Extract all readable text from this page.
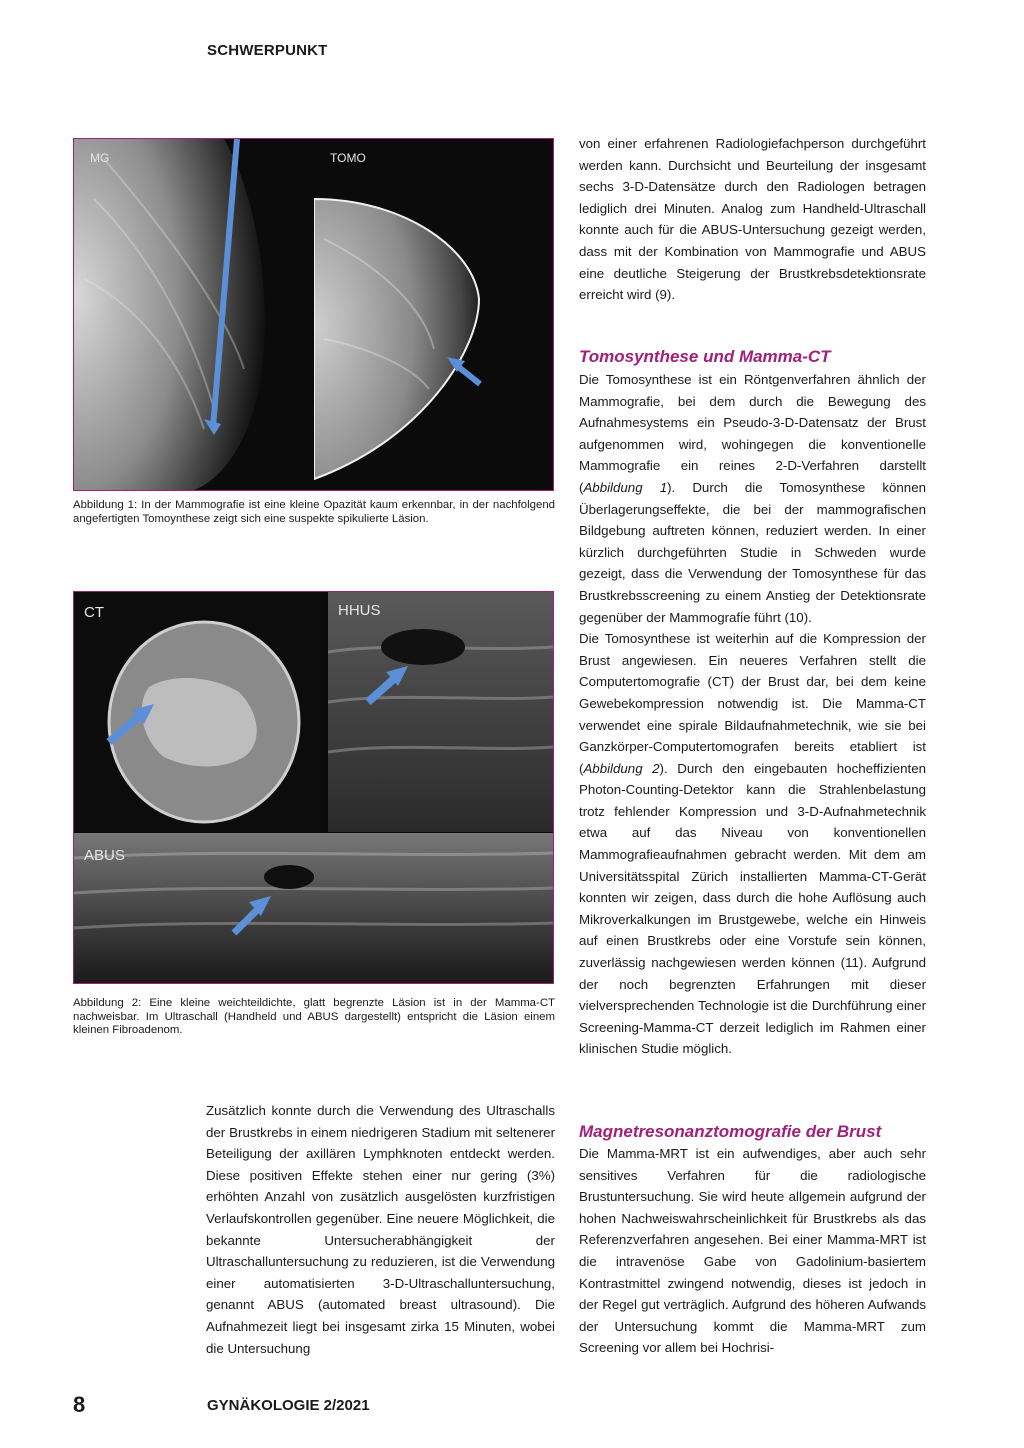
SCHWERPUNKT
MG	TOMO
Abbildung 1: In der Mammografie ist eine kleine Opazität kaum erkennbar, in der nachfolgend angefertigten Tomoynthese zeigt sich eine suspekte spikulierte Läsion.
CT	HHUS
ABUS
Abbildung 2: Eine kleine weichteildichte, glatt begrenzte Läsion ist in der Mamma-CT nachweisbar. Im Ultraschall (Handheld und ABUS dargestellt) entspricht die Läsion einem kleinen Fibroadenom.

Zusätzlich konnte durch die Verwendung des Ultraschalls der Brustkrebs in einem niedrigeren Stadium mit seltenerer Beteiligung der axillären Lymphknoten entdeckt werden. Diese positiven Effekte stehen einer nur gering (3%) erhöhten Anzahl von zusätzlich ausgelösten kurzfristigen Verlaufskontrollen gegenüber. Eine neuere Möglichkeit, die bekannte Untersucherabhängigkeit der Ultraschalluntersuchung zu reduzieren, ist die Verwendung einer automatisierten 3-D-Ultraschalluntersuchung, genannt ABUS (automated breast ultrasound). Die Aufnahmezeit liegt bei insgesamt zirka 15 Minuten, wobei die Untersuchung

von einer erfahrenen Radiologiefachperson durchgeführt werden kann. Durchsicht und Beurteilung der insgesamt sechs 3-D-Datensätze durch den Radiologen betragen lediglich drei Minuten. Analog zum Handheld-Ultraschall konnte auch für die ABUS-Untersuchung gezeigt werden, dass mit der Kombination von Mammografie und ABUS eine deutliche Steigerung der Brustkrebsdetektionsrate erreicht wird (9).

Tomosynthese und Mamma-CT

Die Tomosynthese ist ein Röntgenverfahren ähnlich der Mammografie, bei dem durch die Bewegung des Aufnahmesystems ein Pseudo-3-D-Datensatz der Brust aufgenommen wird, wohingegen die konventionelle Mammografie ein reines 2-D-Verfahren darstellt (Abbildung 1). Durch die Tomosynthese können Überlagerungseffekte, die bei der mammografischen Bildgebung auftreten können, reduziert werden. In einer kürzlich durchgeführten Studie in Schweden wurde gezeigt, dass die Verwendung der Tomosynthese für das Brustkrebsscreening zu einem Anstieg der Detektionsrate gegenüber der Mammografie führt (10).

Die Tomosynthese ist weiterhin auf die Kompression der Brust angewiesen. Ein neueres Verfahren stellt die Computertomografie (CT) der Brust dar, bei dem keine Gewebekompression notwendig ist. Die Mamma-CT verwendet eine spirale Bildaufnahmetechnik, wie sie bei Ganzkörper-Computertomografen bereits etabliert ist (Abbildung 2). Durch den eingebauten hocheffizienten Photon-Counting-Detektor kann die Strahlenbelastung trotz fehlender Kompression und 3-D-Aufnahmetechnik etwa auf das Niveau von konventionellen Mammografieaufnahmen gebracht werden. Mit dem am Universitätsspital Zürich installierten Mamma-CT-Gerät konnten wir zeigen, dass durch die hohe Auflösung auch Mikroverkalkungen im Brustgewebe, welche ein Hinweis auf einen Brustkrebs oder eine Vorstufe sein können, zuverlässig nachgewiesen werden können (11). Aufgrund der noch begrenzten Erfahrungen mit dieser vielversprechenden Technologie ist die Durchführung einer Screening-Mamma-CT derzeit lediglich im Rahmen einer klinischen Studie möglich.

Magnetresonanztomografie der Brust

Die Mamma-MRT ist ein aufwendiges, aber auch sehr sensitives Verfahren für die radiologische Brustuntersuchung. Sie wird heute allgemein aufgrund der hohen Nachweiswahrscheinlichkeit für Brustkrebs als das Referenzverfahren angesehen. Bei einer Mamma-MRT ist die intravenöse Gabe von Gadolinium-basiertem Kontrastmittel zwingend notwendig, dieses ist jedoch in der Regel gut verträglich. Aufgrund des höheren Aufwands der Untersuchung kommt die Mamma-MRT zum Screening vor allem bei Hochrisi-

8	GYNÄKOLOGIE 2/2021
